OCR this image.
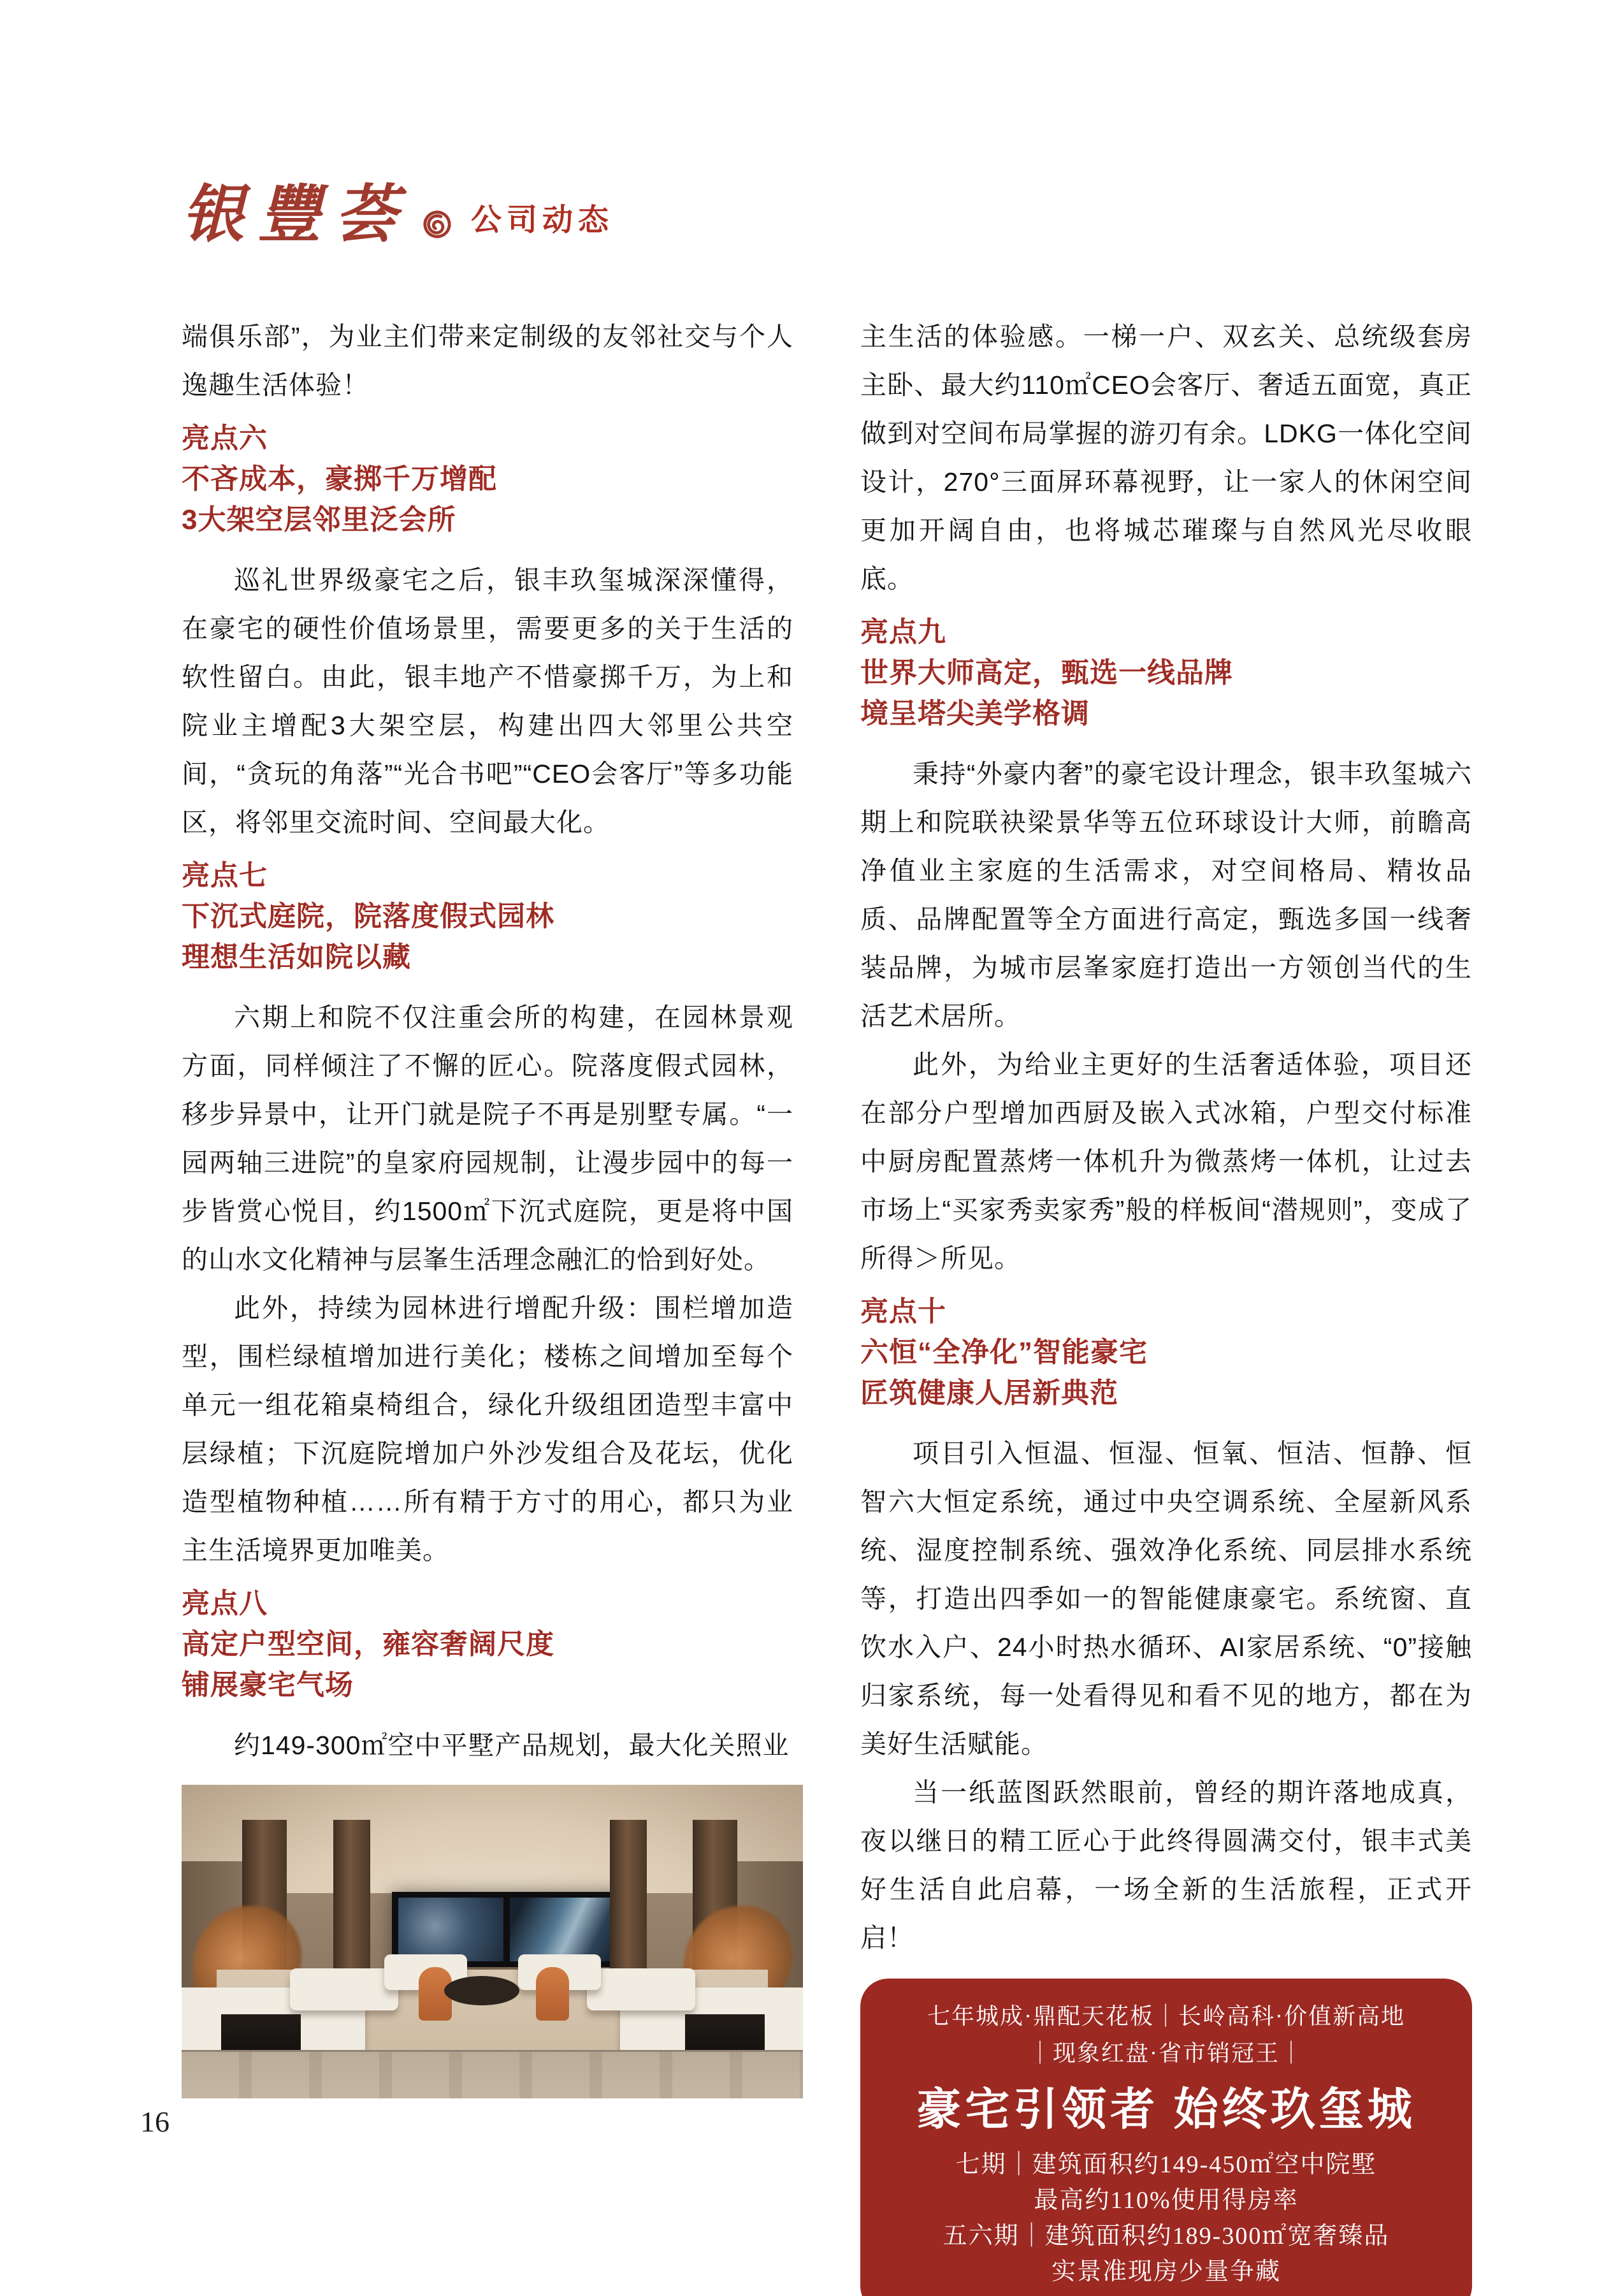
银豐荟 公司动态
端俱乐部”，为业主们带来定制级的友邻社交与个人逸趣生活体验！
亮点六
不吝成本，豪掷千万增配
3大架空层邻里泛会所
巡礼世界级豪宅之后，银丰玖玺城深深懂得，在豪宅的硬性价值场景里，需要更多的关于生活的软性留白。由此，银丰地产不惜豪掷千万，为上和院业主增配3大架空层，构建出四大邻里公共空间，“贪玩的角落”“光合书吧”“CEO会客厅”等多功能区，将邻里交流时间、空间最大化。
亮点七
下沉式庭院，院落度假式园林
理想生活如院以藏
六期上和院不仅注重会所的构建，在园林景观方面，同样倾注了不懈的匠心。院落度假式园林，移步异景中，让开门就是院子不再是别墅专属。“一园两轴三进院”的皇家府园规制，让漫步园中的每一步皆赏心悦目，约1500㎡下沉式庭院，更是将中国的山水文化精神与层峯生活理念融汇的恰到好处。
此外，持续为园林进行增配升级：围栏增加造型，围栏绿植增加进行美化；楼栋之间增加至每个单元一组花箱桌椅组合，绿化升级组团造型丰富中层绿植；下沉庭院增加户外沙发组合及花坛，优化造型植物种植……所有精于方寸的用心，都只为业主生活境界更加唯美。
亮点八
高定户型空间，雍容奢阔尺度
铺展豪宅气场
约149-300㎡空中平墅产品规划，最大化关照业
主生活的体验感。一梯一户、双玄关、总统级套房主卧、最大约110㎡CEO会客厅、奢适五面宽，真正做到对空间布局掌握的游刃有余。LDKG一体化空间设计，270°三面屏环幕视野，让一家人的休闲空间更加开阔自由，也将城芯璀璨与自然风光尽收眼底。
亮点九
世界大师高定，甄选一线品牌
境呈塔尖美学格调
秉持“外豪内奢”的豪宅设计理念，银丰玖玺城六期上和院联袂梁景华等五位环球设计大师，前瞻高净值业主家庭的生活需求，对空间格局、精妆品质、品牌配置等全方面进行高定，甄选多国一线奢装品牌，为城市层峯家庭打造出一方领创当代的生活艺术居所。
此外，为给业主更好的生活奢适体验，项目还在部分户型增加西厨及嵌入式冰箱，户型交付标准中厨房配置蒸烤一体机升为微蒸烤一体机，让过去市场上“买家秀卖家秀”般的样板间“潜规则”，变成了所得＞所见。
亮点十
六恒“全净化”智能豪宅
匠筑健康人居新典范
项目引入恒温、恒湿、恒氧、恒洁、恒静、恒智六大恒定系统，通过中央空调系统、全屋新风系统、湿度控制系统、强效净化系统、同层排水系统等，打造出四季如一的智能健康豪宅。系统窗、直饮水入户、24小时热水循环、AI家居系统、“0”接触归家系统，每一处看得见和看不见的地方，都在为美好生活赋能。
当一纸蓝图跃然眼前，曾经的期许落地成真，夜以继日的精工匠心于此终得圆满交付，银丰式美好生活自此启幕，一场全新的生活旅程，正式开启！
七年城成·鼎配天花板｜长岭高科·价值新高地
｜现象红盘·省市销冠王｜
豪宅引领者 始终玖玺城
七期｜建筑面积约149-450㎡空中院墅
最高约110%使用得房率
五六期｜建筑面积约189-300㎡宽奢臻品
实景准现房少量争藏
16
